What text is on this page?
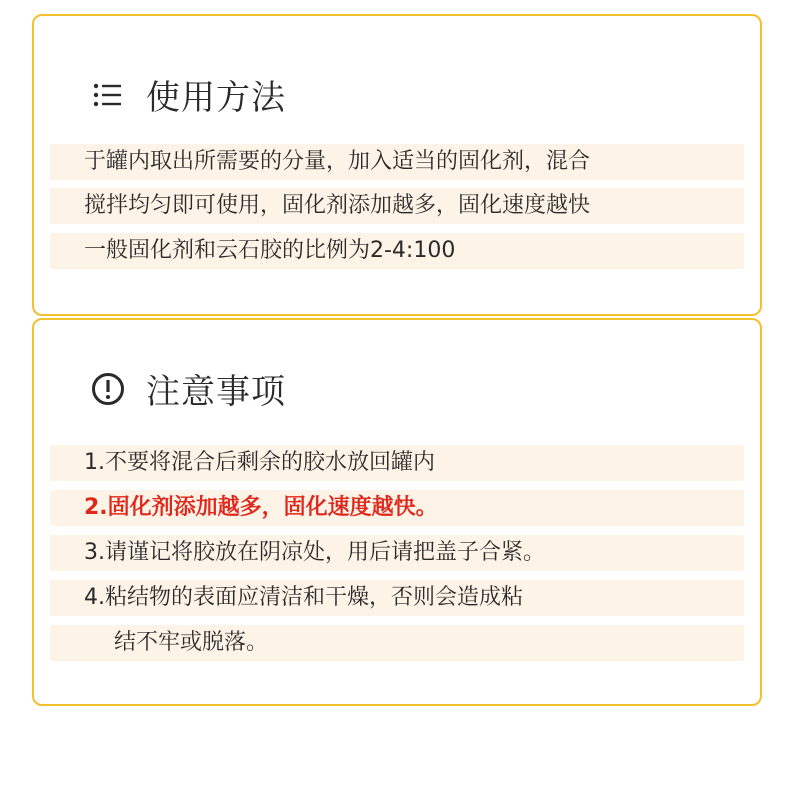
使用方法
于罐内取出所需要的分量，加入适当的固化剂，混合
搅拌均匀即可使用，固化剂添加越多，固化速度越快
一般固化剂和云石胶的比例为2-4:100
注意事项
1.不要将混合后剩余的胶水放回罐内
2.固化剂添加越多，固化速度越快。
3.请谨记将胶放在阴凉处，用后请把盖子合紧。
4.粘结物的表面应清洁和干燥，否则会造成粘
结不牢或脱落。
